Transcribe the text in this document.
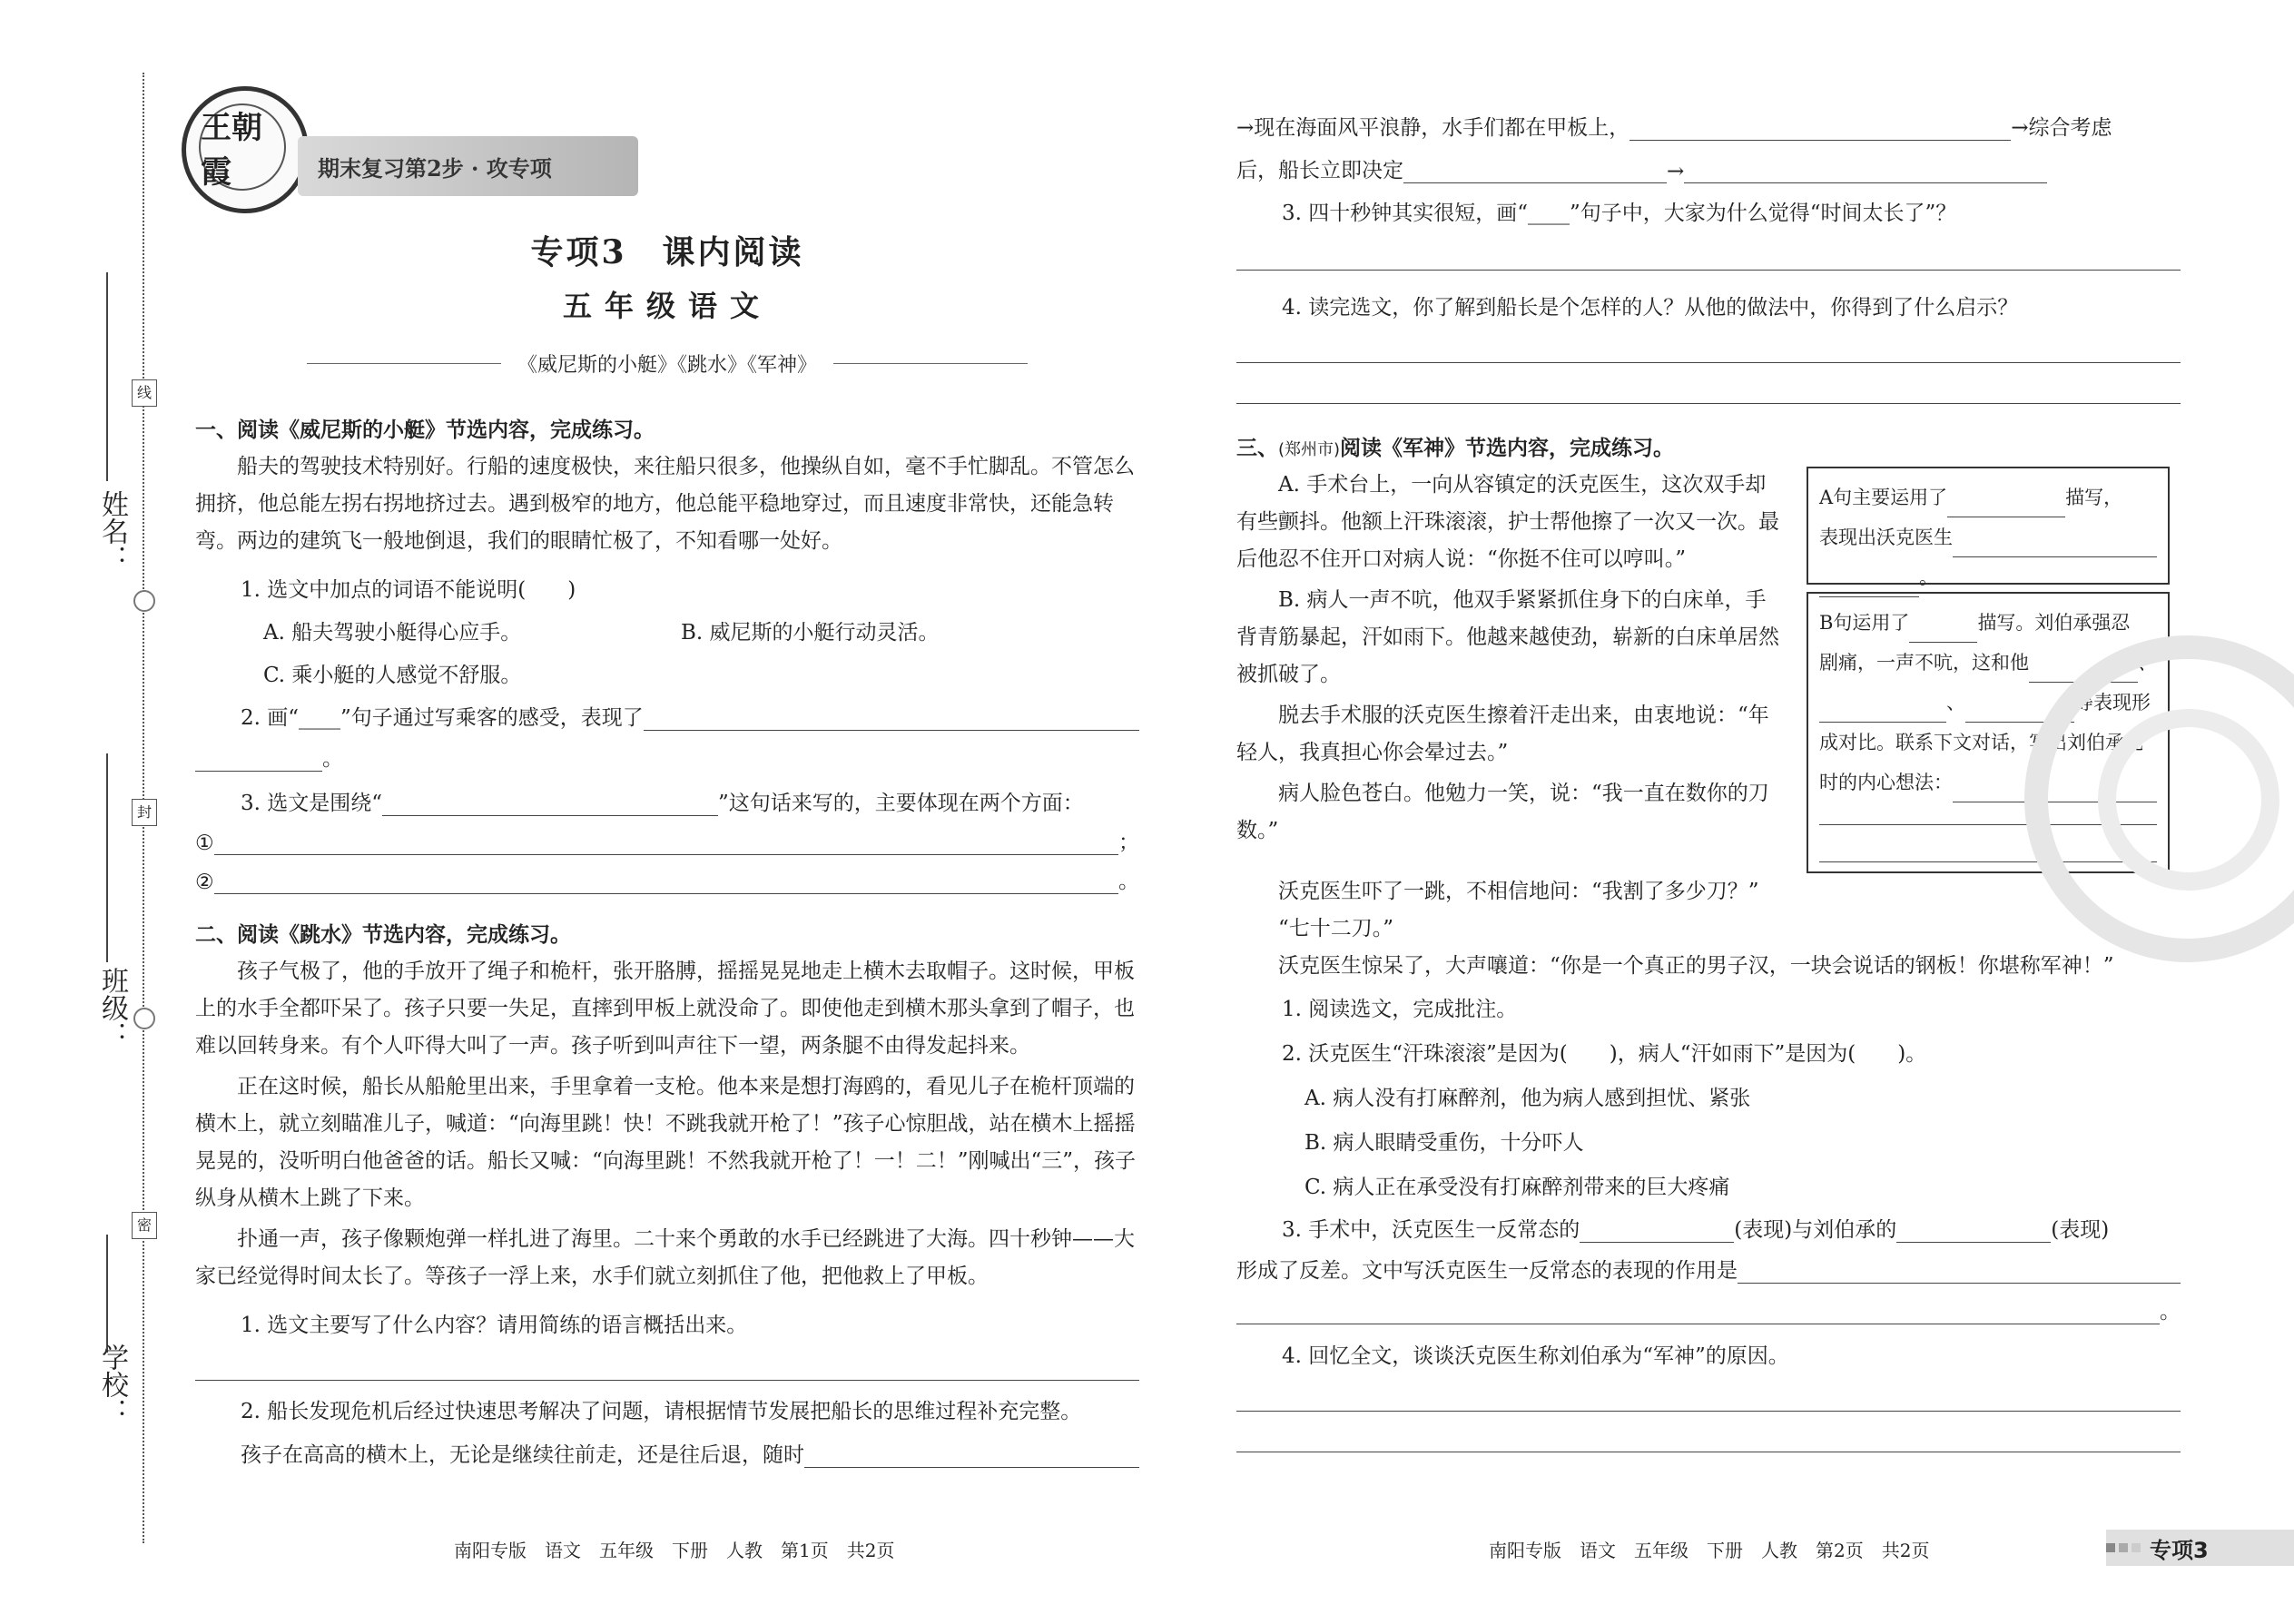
姓名：
班级：
学校：
线
封
密
王朝霞	期末复习第2步 · 攻专项
专项3　课内阅读
五年级语文
《威尼斯的小艇》《跳水》《军神》

一、阅读《威尼斯的小艇》节选内容，完成练习。

船夫的驾驶技术特别好。行船的速度极快，来往船只很多，他操纵自如，毫不手忙脚乱。不管怎么拥挤，他总能左拐右拐地挤过去。遇到极窄的地方，他总能平稳地穿过，而且速度非常快，还能急转弯。两边的建筑飞一般地倒退，我们的眼睛忙极了，不知看哪一处好。

1. 选文中加点的词语不能说明(　　)

A. 船夫驾驶小艇得心应手。	B. 威尼斯的小艇行动灵活。

C. 乘小艇的人感觉不舒服。

2. 画“____”句子通过写乘客的感受，表现了
。
3. 选文是围绕“	”这句话来写的，主要体现在两个方面：
①	；
②	。

二、阅读《跳水》节选内容，完成练习。

孩子气极了，他的手放开了绳子和桅杆，张开胳膊，摇摇晃晃地走上横木去取帽子。这时候，甲板上的水手全都吓呆了。孩子只要一失足，直摔到甲板上就没命了。即使他走到横木那头拿到了帽子，也难以回转身来。有个人吓得大叫了一声。孩子听到叫声往下一望，两条腿不由得发起抖来。

正在这时候，船长从船舱里出来，手里拿着一支枪。他本来是想打海鸥的，看见儿子在桅杆顶端的横木上，就立刻瞄准儿子，喊道：“向海里跳！快！不跳我就开枪了！”孩子心惊胆战，站在横木上摇摇晃晃的，没听明白他爸爸的话。船长又喊：“向海里跳！不然我就开枪了！一！二！”刚喊出“三”，孩子纵身从横木上跳了下来。

扑通一声，孩子像颗炮弹一样扎进了海里。二十来个勇敢的水手已经跳进了大海。四十秒钟——大家已经觉得时间太长了。等孩子一浮上来，水手们就立刻抓住了他，把他救上了甲板。

1. 选文主要写了什么内容？请用简练的语言概括出来。

2. 船长发现危机后经过快速思考解决了问题，请根据情节发展把船长的思维过程补充完整。

孩子在高高的横木上，无论是继续往前走，还是往后退，随时
→现在海面风平浪静，水手们都在甲板上，	→综合考虑
后，船长立即决定	→

3. 四十秒钟其实很短，画“____”句子中，大家为什么觉得“时间太长了”？

4. 读完选文，你了解到船长是个怎样的人？从他的做法中，你得到了什么启示？

三、(郑州市)阅读《军神》节选内容，完成练习。

A. 手术台上，一向从容镇定的沃克医生，这次双手却有些颤抖。他额上汗珠滚滚，护士帮他擦了一次又一次。最后他忍不住开口对病人说：“你挺不住可以哼叫。”

B. 病人一声不吭，他双手紧紧抓住身下的白床单，手背青筋暴起，汗如雨下。他越来越使劲，崭新的白床单居然被抓破了。

脱去手术服的沃克医生擦着汗走出来，由衷地说：“年轻人，我真担心你会晕过去。”

病人脸色苍白。他勉力一笑，说：“我一直在数你的刀数。”

A句主要运用了	描写，
表现出沃克医生
。
B句运用了	描写。刘伯承强忍
剧痛，一声不吭，这和他	、
、	等表现形
成对比。联系下文对话，写出刘伯承此
时的内心想法：

沃克医生吓了一跳，不相信地问：“我割了多少刀？”

“七十二刀。”

沃克医生惊呆了，大声嚷道：“你是一个真正的男子汉，一块会说话的钢板！你堪称军神！”

1. 阅读选文，完成批注。

2. 沃克医生“汗珠滚滚”是因为(　　)，病人“汗如雨下”是因为(　　)。

A. 病人没有打麻醉剂，他为病人感到担忧、紧张

B. 病人眼睛受重伤，十分吓人

C. 病人正在承受没有打麻醉剂带来的巨大疼痛

3. 手术中，沃克医生一反常态的	(表现)与刘伯承的	(表现)
形成了反差。文中写沃克医生一反常态的表现的作用是
。

4. 回忆全文，谈谈沃克医生称刘伯承为“军神”的原因。

南阳专版　语文　五年级　下册　人教　第1页　共2页	南阳专版　语文　五年级　下册　人教　第2页　共2页	专项3
